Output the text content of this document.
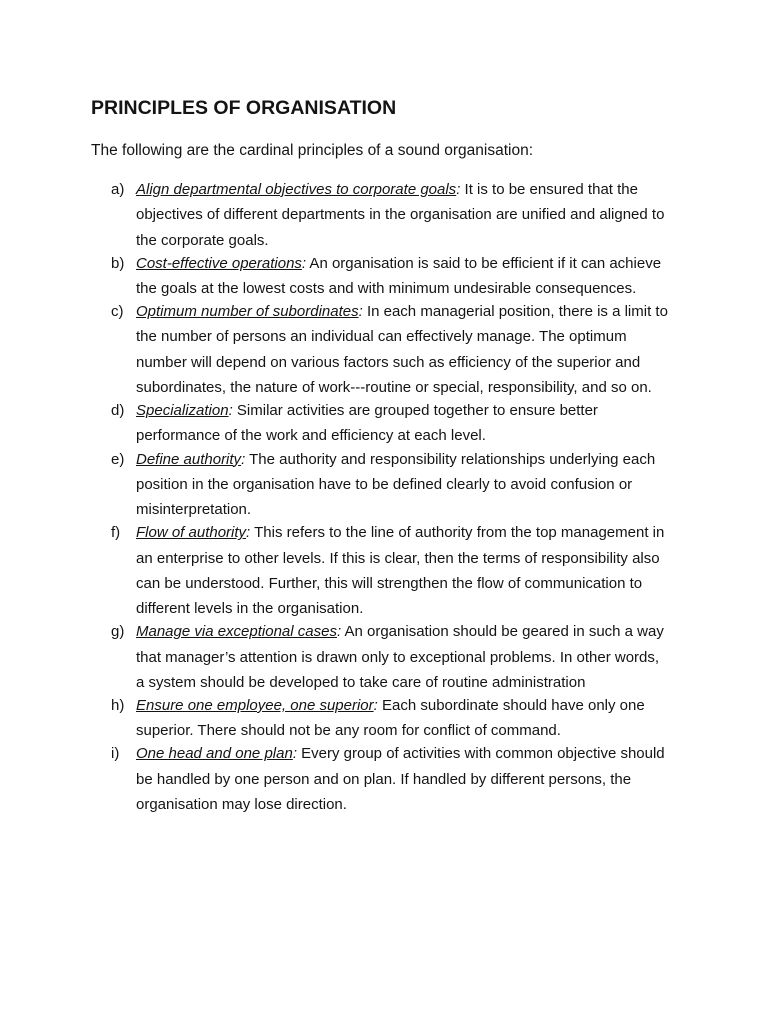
PRINCIPLES OF ORGANISATION

The following are the cardinal principles of a sound organisation:

a) Align departmental objectives to corporate goals: It is to be ensured that the objectives of different departments in the organisation are unified and aligned to the corporate goals.
b) Cost-effective operations: An organisation is said to be efficient if it can achieve the goals at the lowest costs and with minimum undesirable consequences.
c) Optimum number of subordinates: In each managerial position, there is a limit to the number of persons an individual can effectively manage. The optimum number will depend on various factors such as efficiency of the superior and subordinates, the nature of work---routine or special, responsibility, and so on.
d) Specialization: Similar activities are grouped together to ensure better performance of the work and efficiency at each level.
e) Define authority: The authority and responsibility relationships underlying each position in the organisation have to be defined clearly to avoid confusion or misinterpretation.
f)	Flow of authority: This refers to the line of authority from the top management in an enterprise to other levels. If this is clear, then the terms of responsibility also can be understood. Further, this will strengthen the flow of communication to different levels in the organisation.
g) Manage via exceptional cases: An organisation should be geared in such a way that manager’s attention is drawn only to exceptional problems. In other words, a system should be developed to take care of routine administration
h) Ensure one employee, one superior: Each subordinate should have only one superior. There should not be any room for conflict of command.
i)	One head and one plan: Every group of activities with common objective should be handled by one person and on plan. If handled by different persons, the organisation may lose direction.
